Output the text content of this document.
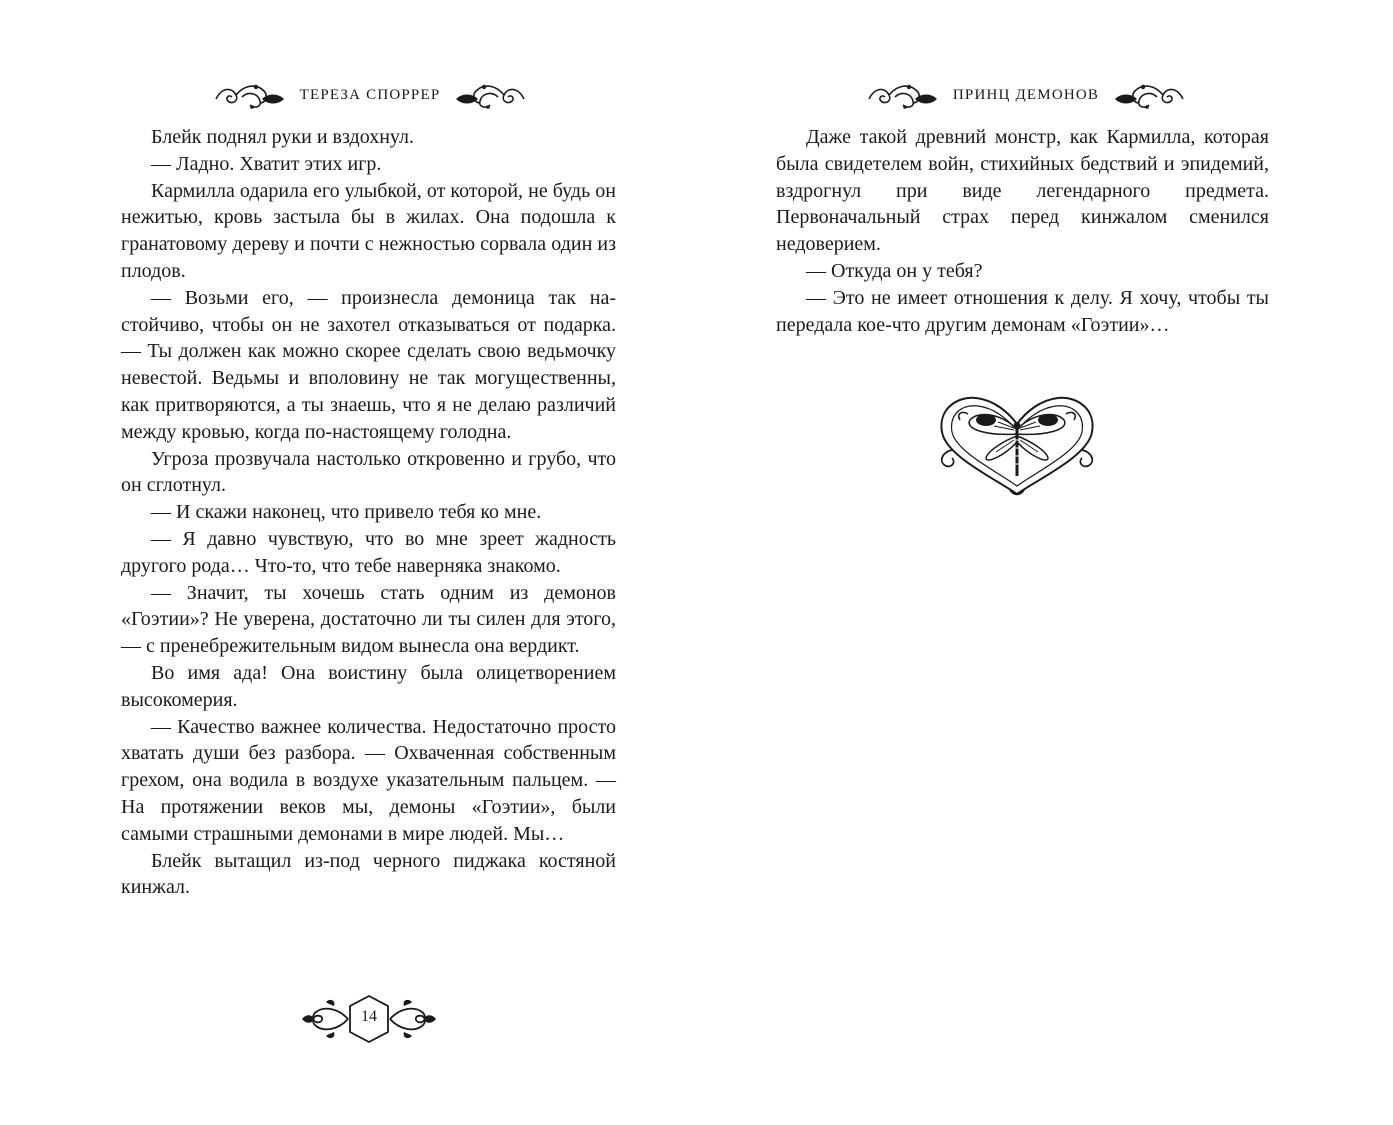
ТЕРЕЗА СПОРРЕР

Блейк поднял руки и вздохнул.

— Ладно. Хватит этих игр.

Кармилла одарила его улыбкой, от которой, не будь он нежитью, кровь застыла бы в жилах. Она подошла к гранатовому дереву и почти с нежностью сорвала один из плодов.

— Возьми его, — произнесла демоница так настойчиво, чтобы он не захотел отказываться от подарка. — Ты должен как можно скорее сделать свою ведьмочку невестой. Ведьмы и вполовину не так могущественны, как притворяются, а ты знаешь, что я не делаю различий между кровью, когда по-настоящему голодна.

Угроза прозвучала настолько откровенно и грубо, что он сглотнул.

— И скажи наконец, что привело тебя ко мне.

— Я давно чувствую, что во мне зреет жадность другого рода… Что-то, что тебе наверняка знакомо.

— Значит, ты хочешь стать одним из демонов «Гоэтии»? Не уверена, достаточно ли ты силен для этого, — с пренебрежительным видом вынесла она вердикт.

Во имя ада! Она воистину была олицетворением высокомерия.

— Качество важнее количества. Недостаточно просто хватать души без разбора. — Охваченная собственным грехом, она водила в воздухе указательным пальцем. — На протяжении веков мы, демоны «Гоэтии», были самыми страшными демонами в мире людей. Мы…

Блейк вытащил из-под черного пиджака костяной кинжал.

14
ПРИНЦ ДЕМОНОВ

Даже такой древний монстр, как Кармилла, которая была свидетелем войн, стихийных бедствий и эпидемий, вздрогнул при виде легендарного предмета. Первоначальный страх перед кинжалом сменился недоверием.

— Откуда он у тебя?

— Это не имеет отношения к делу. Я хочу, чтобы ты передала кое-что другим демонам «Гоэтии»…
